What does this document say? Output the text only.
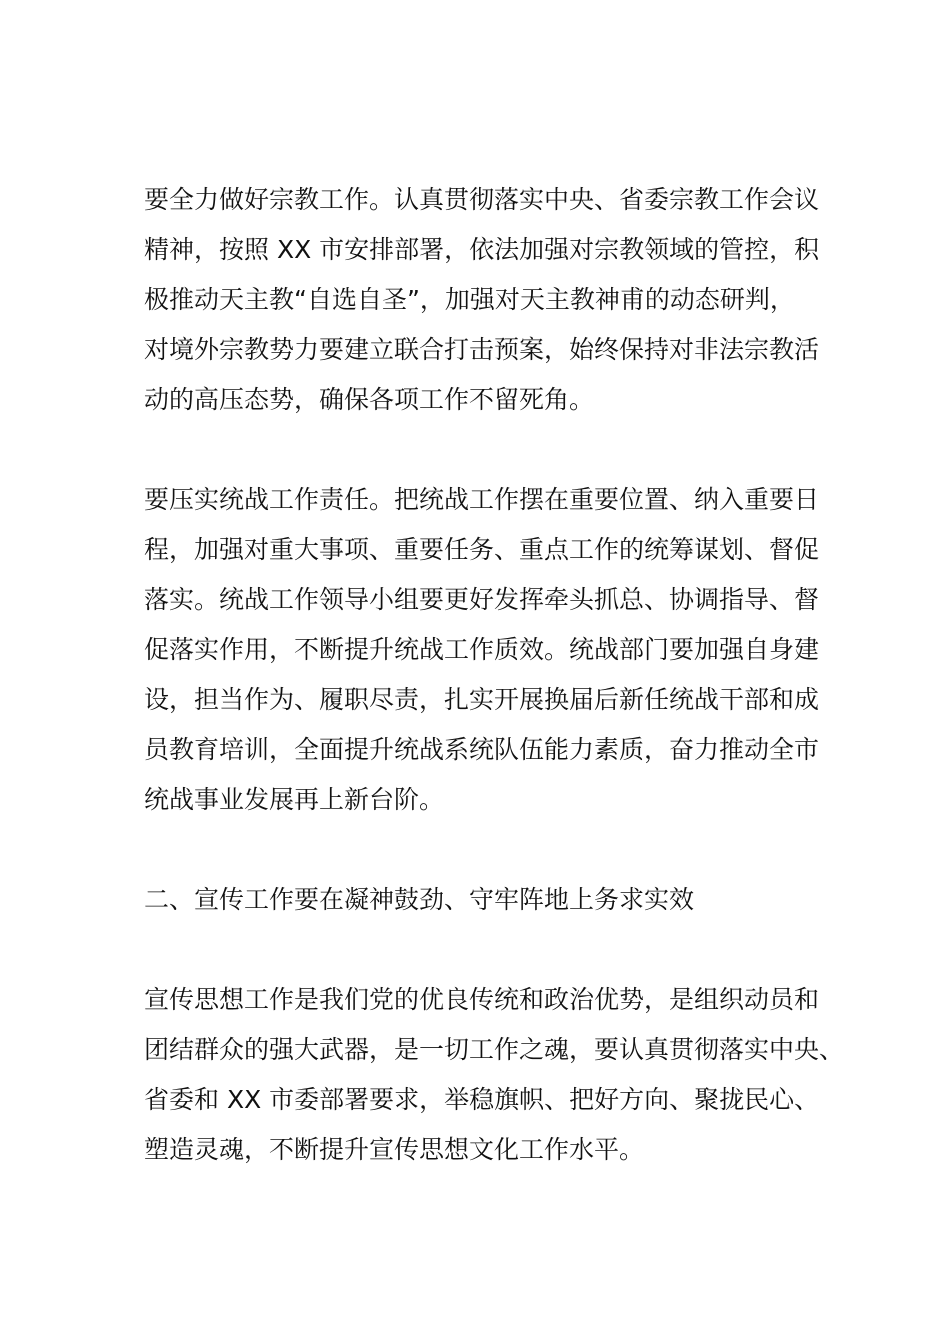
要全力做好宗教工作。认真贯彻落实中央、省委宗教工作会议
精神，按照 XX 市安排部署，依法加强对宗教领域的管控，积
极推动天主教“自选自圣”，加强对天主教神甫的动态研判，
对境外宗教势力要建立联合打击预案，始终保持对非法宗教活
动的高压态势，确保各项工作不留死角。

要压实统战工作责任。把统战工作摆在重要位置、纳入重要日
程，加强对重大事项、重要任务、重点工作的统筹谋划、督促
落实。统战工作领导小组要更好发挥牵头抓总、协调指导、督
促落实作用，不断提升统战工作质效。统战部门要加强自身建
设，担当作为、履职尽责，扎实开展换届后新任统战干部和成
员教育培训，全面提升统战系统队伍能力素质，奋力推动全市
统战事业发展再上新台阶。

二、宣传工作要在凝神鼓劲、守牢阵地上务求实效

宣传思想工作是我们党的优良传统和政治优势，是组织动员和
团结群众的强大武器，是一切工作之魂，要认真贯彻落实中央、
省委和 XX 市委部署要求，举稳旗帜、把好方向、聚拢民心、
塑造灵魂，不断提升宣传思想文化工作水平。
